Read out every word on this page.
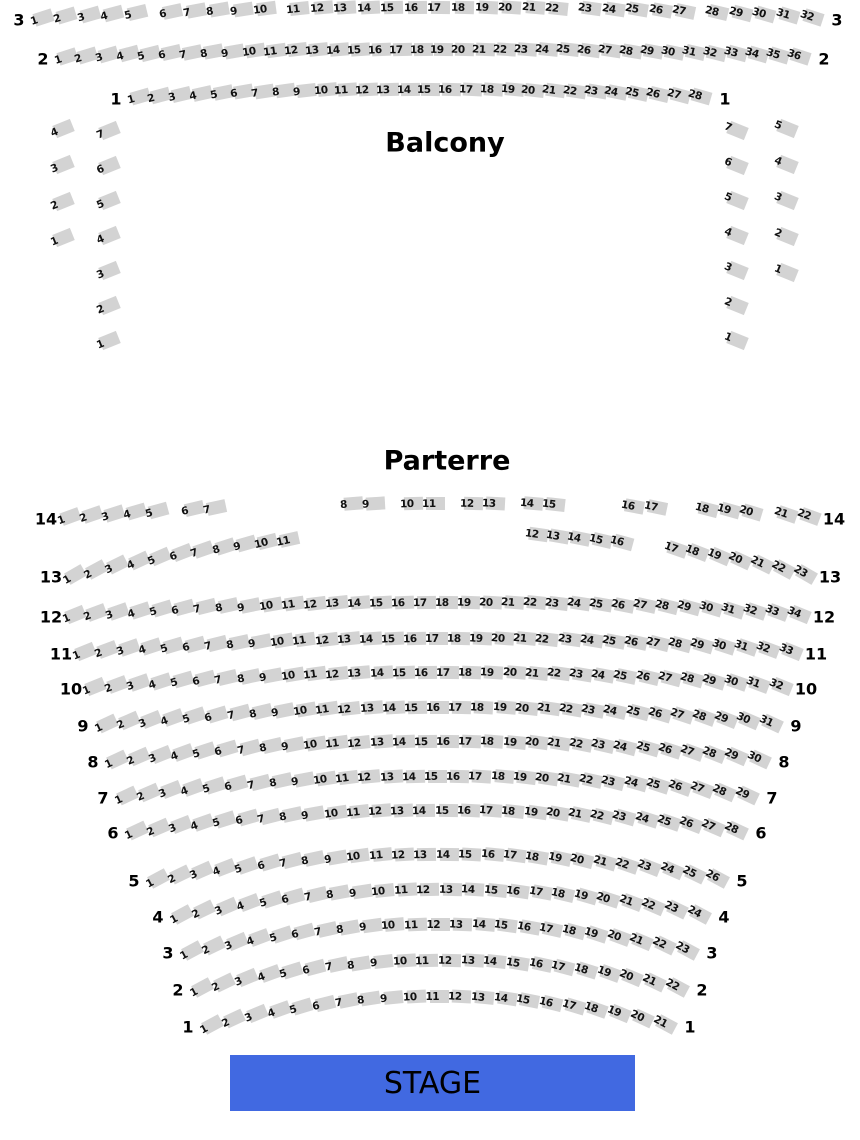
Balcony
Parterre
1 2 3 4 5 6 7 8 9 10 11 12 13 14 15 16 17 18 19 20 21 22 23 24 25 26 27 28 29 30 31 32
3	3
1 2 3 4 5 6 7 8 9 10 11 12 13 14 15 16 17 18 19 20 21 22 23 24 25 26 27 28 29 30 31 32 33 34 35 36
2	2
1 2 3 4 5 6 7 8 9 10 11 12 13 14 15 16 17 18 19 20 21 22 23 24 25 26 27 28
1	1
1 2 3 4 5 6 7	8 9	10 11 12 13 14 15	16 17	18 19 20 21 22
14	14
1 2 3 4 5 6 7 8 9 10 11	12 13 14 15 16	17 18 19 20 21 22 23
13	13
1 2 3 4 5 6 7 8 9 10 11 12 13 14 15 16 17 18 19 20 21 22 23 24 25 26 27 28 29 30 31 32 33 34
12	12
1 2 3 4 5 6 7 8 9 10 11 12 13 14 15 16 17 18 19 20 21 22 23 24 25 26 27 28 29 30 31 32 33
11	11
1 2 3 4 5 6 7 8 9 10 11 12 13 14 15 16 17 18 19 20 21 22 23 24 25 26 27 28 29 30 31 32
10	10
1 2 3 4 5 6 7 8 9 10 11 12 13 14 15 16 17 18 19 20 21 22 23 24 25 26 27 28 29 30 31
9	9
1 2 3 4 5 6 7 8 9 10 11 12 13 14 15 16 17 18 19 20 21 22 23 24 25 26 27 28 29 30
8	8
1 2 3 4 5 6 7 8 9 10 11 12 13 14 15 16 17 18 19 20 21 22 23 24 25 26 27 28 29
7	7
1 2 3 4 5 6 7 8 9 10 11 12 13 14 15 16 17 18 19 20 21 22 23 24 25 26 27 28
6	6
1 2 3 4 5 6 7 8 9 10 11 12 13 14 15 16 17 18 19 20 21 22 23 24 25 26
5	5
1 2 3 4 5 6 7 8 9 10 11 12 13 14 15 16 17 18 19 20 21 22 23 24
4	4
1 2 3 4 5 6 7 8 9 10 11 12 13 14 15 16 17 18 19 20 21 22 23
3	3
1 2 3 4 5 6 7 8 9 10 11 12 13 14 15 16 17 18 19 20 21 22
2	2
1 2 3 4 5 6 7 8 9 10 11 12 13 14 15 16 17 18 19 20 21
1	1
4
3
2
1
7
6
5
4
3
2
1
7
6
5
4
3
2
1
5
4
3
2
1
STAGE
